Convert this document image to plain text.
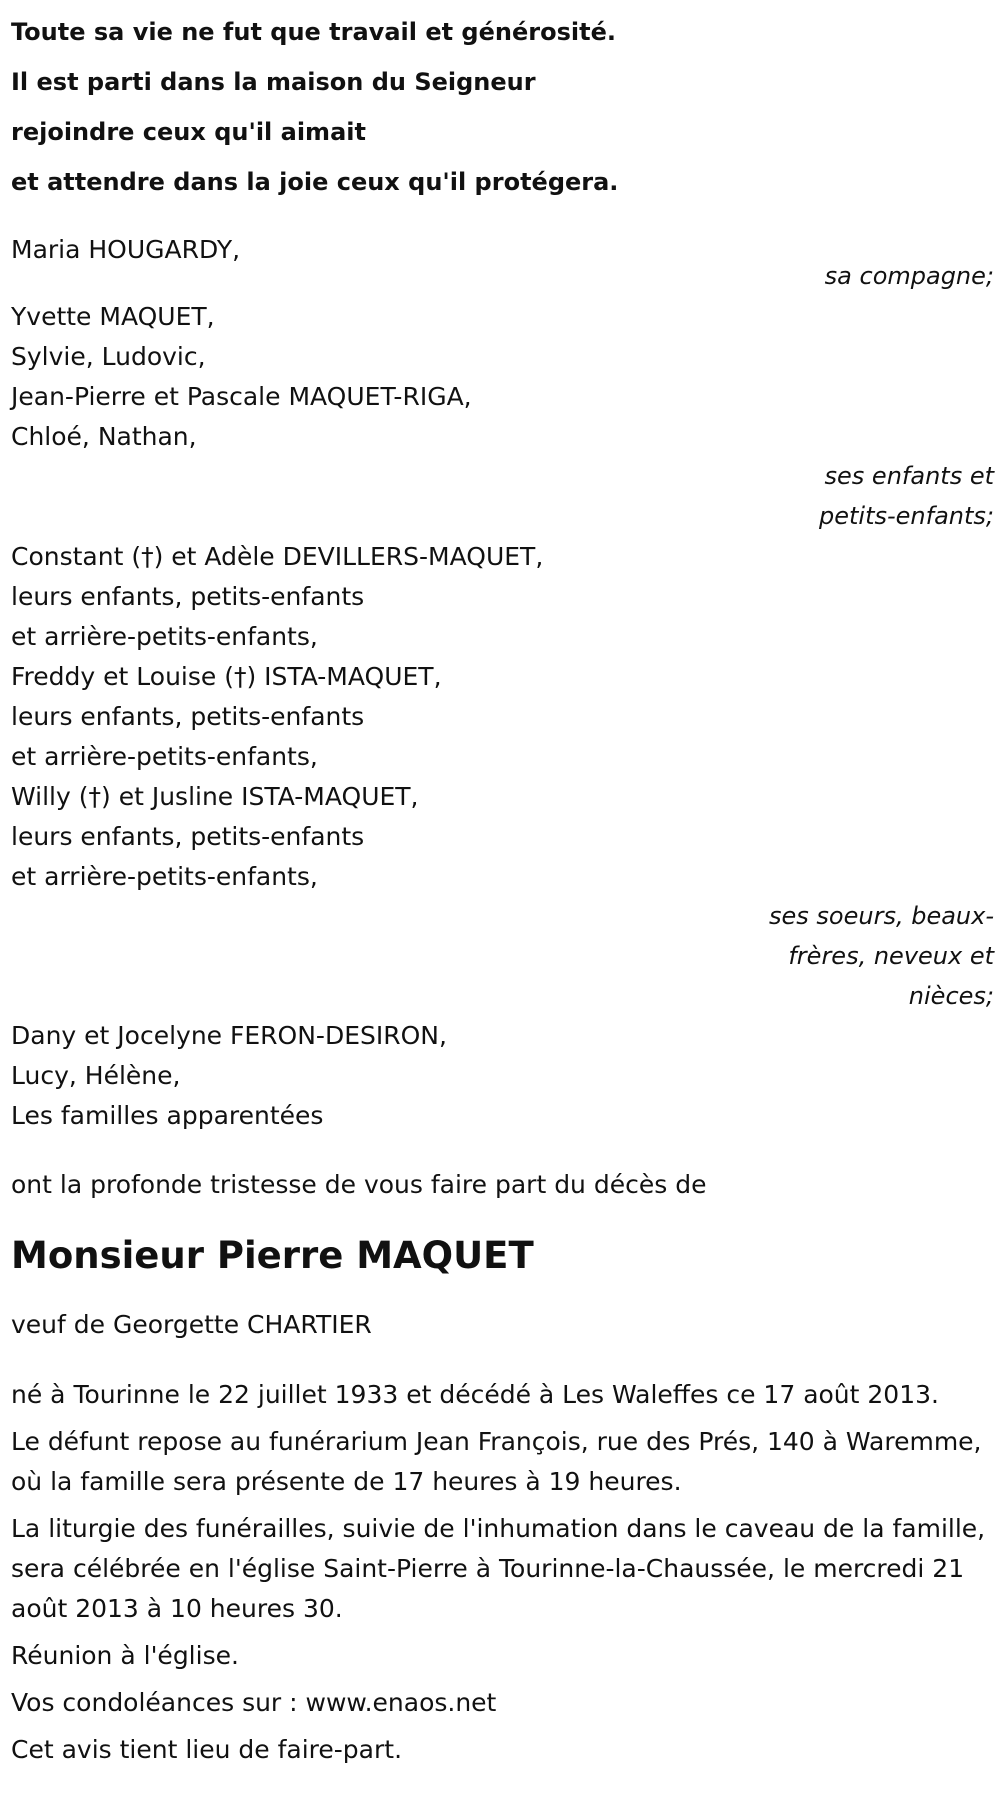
Toute sa vie ne fut que travail et générosité.
Il est parti dans la maison du Seigneur
rejoindre ceux qu'il aimait
et attendre dans la joie ceux qu'il protégera.
Maria HOUGARDY,
sa compagne;
Yvette MAQUET,
Sylvie, Ludovic,
Jean-Pierre et Pascale MAQUET-RIGA,
Chloé, Nathan,
ses enfants et
petits-enfants;
Constant (†) et Adèle DEVILLERS-MAQUET,
leurs enfants, petits-enfants
et arrière-petits-enfants,
Freddy et Louise (†) ISTA-MAQUET,
leurs enfants, petits-enfants
et arrière-petits-enfants,
Willy (†) et Jusline ISTA-MAQUET,
leurs enfants, petits-enfants
et arrière-petits-enfants,
ses soeurs, beaux-
frères, neveux et
nièces;
Dany et Jocelyne FERON-DESIRON,
Lucy, Hélène,
Les familles apparentées
ont la profonde tristesse de vous faire part du décès de
Monsieur Pierre MAQUET
veuf de Georgette CHARTIER

né à Tourinne le 22 juillet 1933 et décédé à Les Waleffes ce 17 août 2013.

Le défunt repose au funérarium Jean François, rue des Prés, 140 à Waremme, où la famille sera présente de 17 heures à 19 heures.

La liturgie des funérailles, suivie de l'inhumation dans le caveau de la famille, sera célébrée en l'église Saint-Pierre à Tourinne-la-Chaussée, le mercredi 21 août 2013 à 10 heures 30.

Réunion à l'église.

Vos condoléances sur : www.enaos.net

Cet avis tient lieu de faire-part.
